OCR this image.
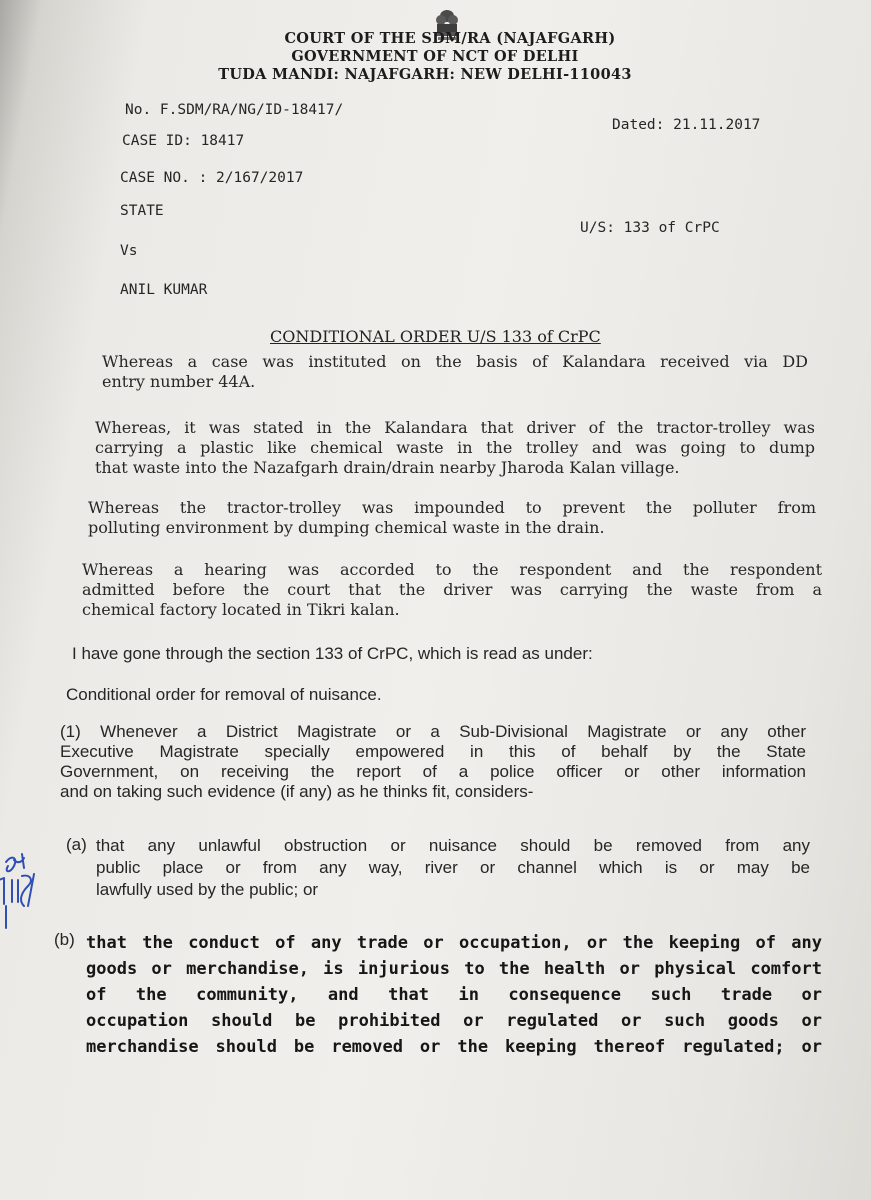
COURT OF THE SDM/RA (NAJAFGARH)
GOVERNMENT OF NCT OF DELHI
TUDA MANDI: NAJAFGARH: NEW DELHI-110043
No. F.SDM/RA/NG/ID-18417/
Dated: 21.11.2017
CASE ID: 18417
CASE NO. : 2/167/2017
STATE
U/S: 133 of CrPC
Vs
ANIL KUMAR
CONDITIONAL ORDER U/S 133 of CrPC
Whereas a case was instituted on the basis of Kalandara received via DD
entry number 44A.
Whereas, it was stated in the Kalandara that driver of the tractor-trolley was
carrying a plastic like chemical waste in the trolley and was going to dump
that waste into the Nazafgarh drain/drain nearby Jharoda Kalan village.
Whereas the tractor-trolley was impounded to prevent the polluter from
polluting environment by dumping chemical waste in the drain.
Whereas a hearing was accorded to the respondent and the respondent
admitted before the court that the driver was carrying the waste from a
chemical factory located in Tikri kalan.
I have gone through the section 133 of CrPC, which is read as under:
Conditional order for removal of nuisance.
(1) Whenever a District Magistrate or a Sub-Divisional Magistrate or any other
Executive Magistrate specially empowered in this of behalf by the State
Government, on receiving the report of a police officer or other information
and on taking such evidence (if any) as he thinks fit, considers-
(a) that any unlawful obstruction or nuisance should be removed from any
public place or from any way, river or channel which is or may be
lawfully used by the public; or
(b) that the conduct of any trade or occupation, or the keeping of any
goods or merchandise, is injurious to the health or physical comfort
of the community, and that in consequence such trade or
occupation should be prohibited or regulated or such goods or
merchandise should be removed or the keeping thereof regulated; or
